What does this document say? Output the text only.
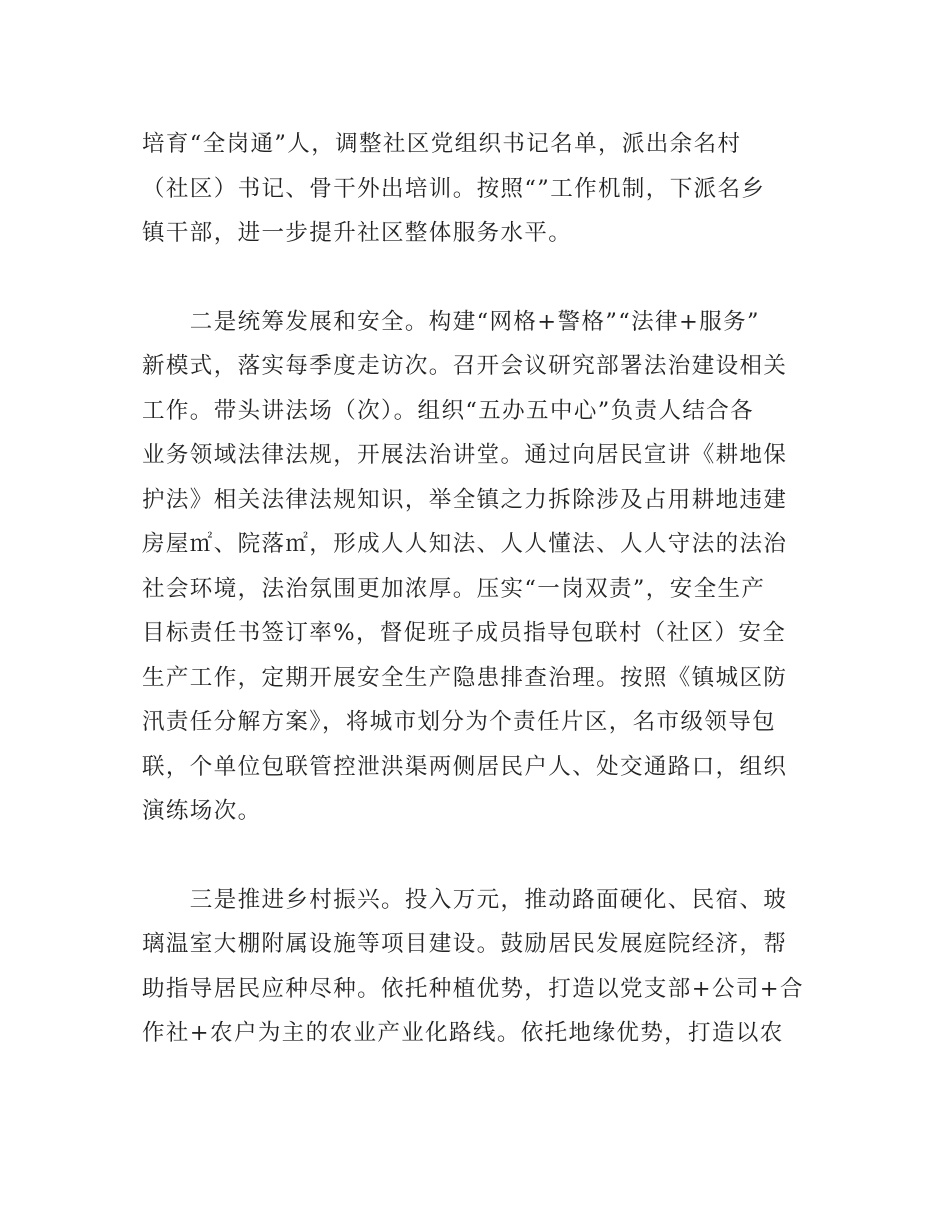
培育“全岗通”人，调整社区党组织书记名单，派出余名村
（社区）书记、骨干外出培训。按照“”工作机制，下派名乡
镇干部，进一步提升社区整体服务水平。
　　二是统筹发展和安全。构建“网格+警格”“法律+服务”
新模式，落实每季度走访次。召开会议研究部署法治建设相关
工作。带头讲法场（次）。组织“五办五中心”负责人结合各
业务领域法律法规，开展法治讲堂。通过向居民宣讲《耕地保
护法》相关法律法规知识，举全镇之力拆除涉及占用耕地违建
房屋㎡、院落㎡，形成人人知法、人人懂法、人人守法的法治
社会环境，法治氛围更加浓厚。压实“一岗双责”，安全生产
目标责任书签订率%，督促班子成员指导包联村（社区）安全
生产工作，定期开展安全生产隐患排查治理。按照《镇城区防
汛责任分解方案》，将城市划分为个责任片区，名市级领导包
联，个单位包联管控泄洪渠两侧居民户人、处交通路口，组织
演练场次。
　　三是推进乡村振兴。投入万元，推动路面硬化、民宿、玻
璃温室大棚附属设施等项目建设。鼓励居民发展庭院经济，帮
助指导居民应种尽种。依托种植优势，打造以党支部+公司+合
作社+农户为主的农业产业化路线。依托地缘优势，打造以农
